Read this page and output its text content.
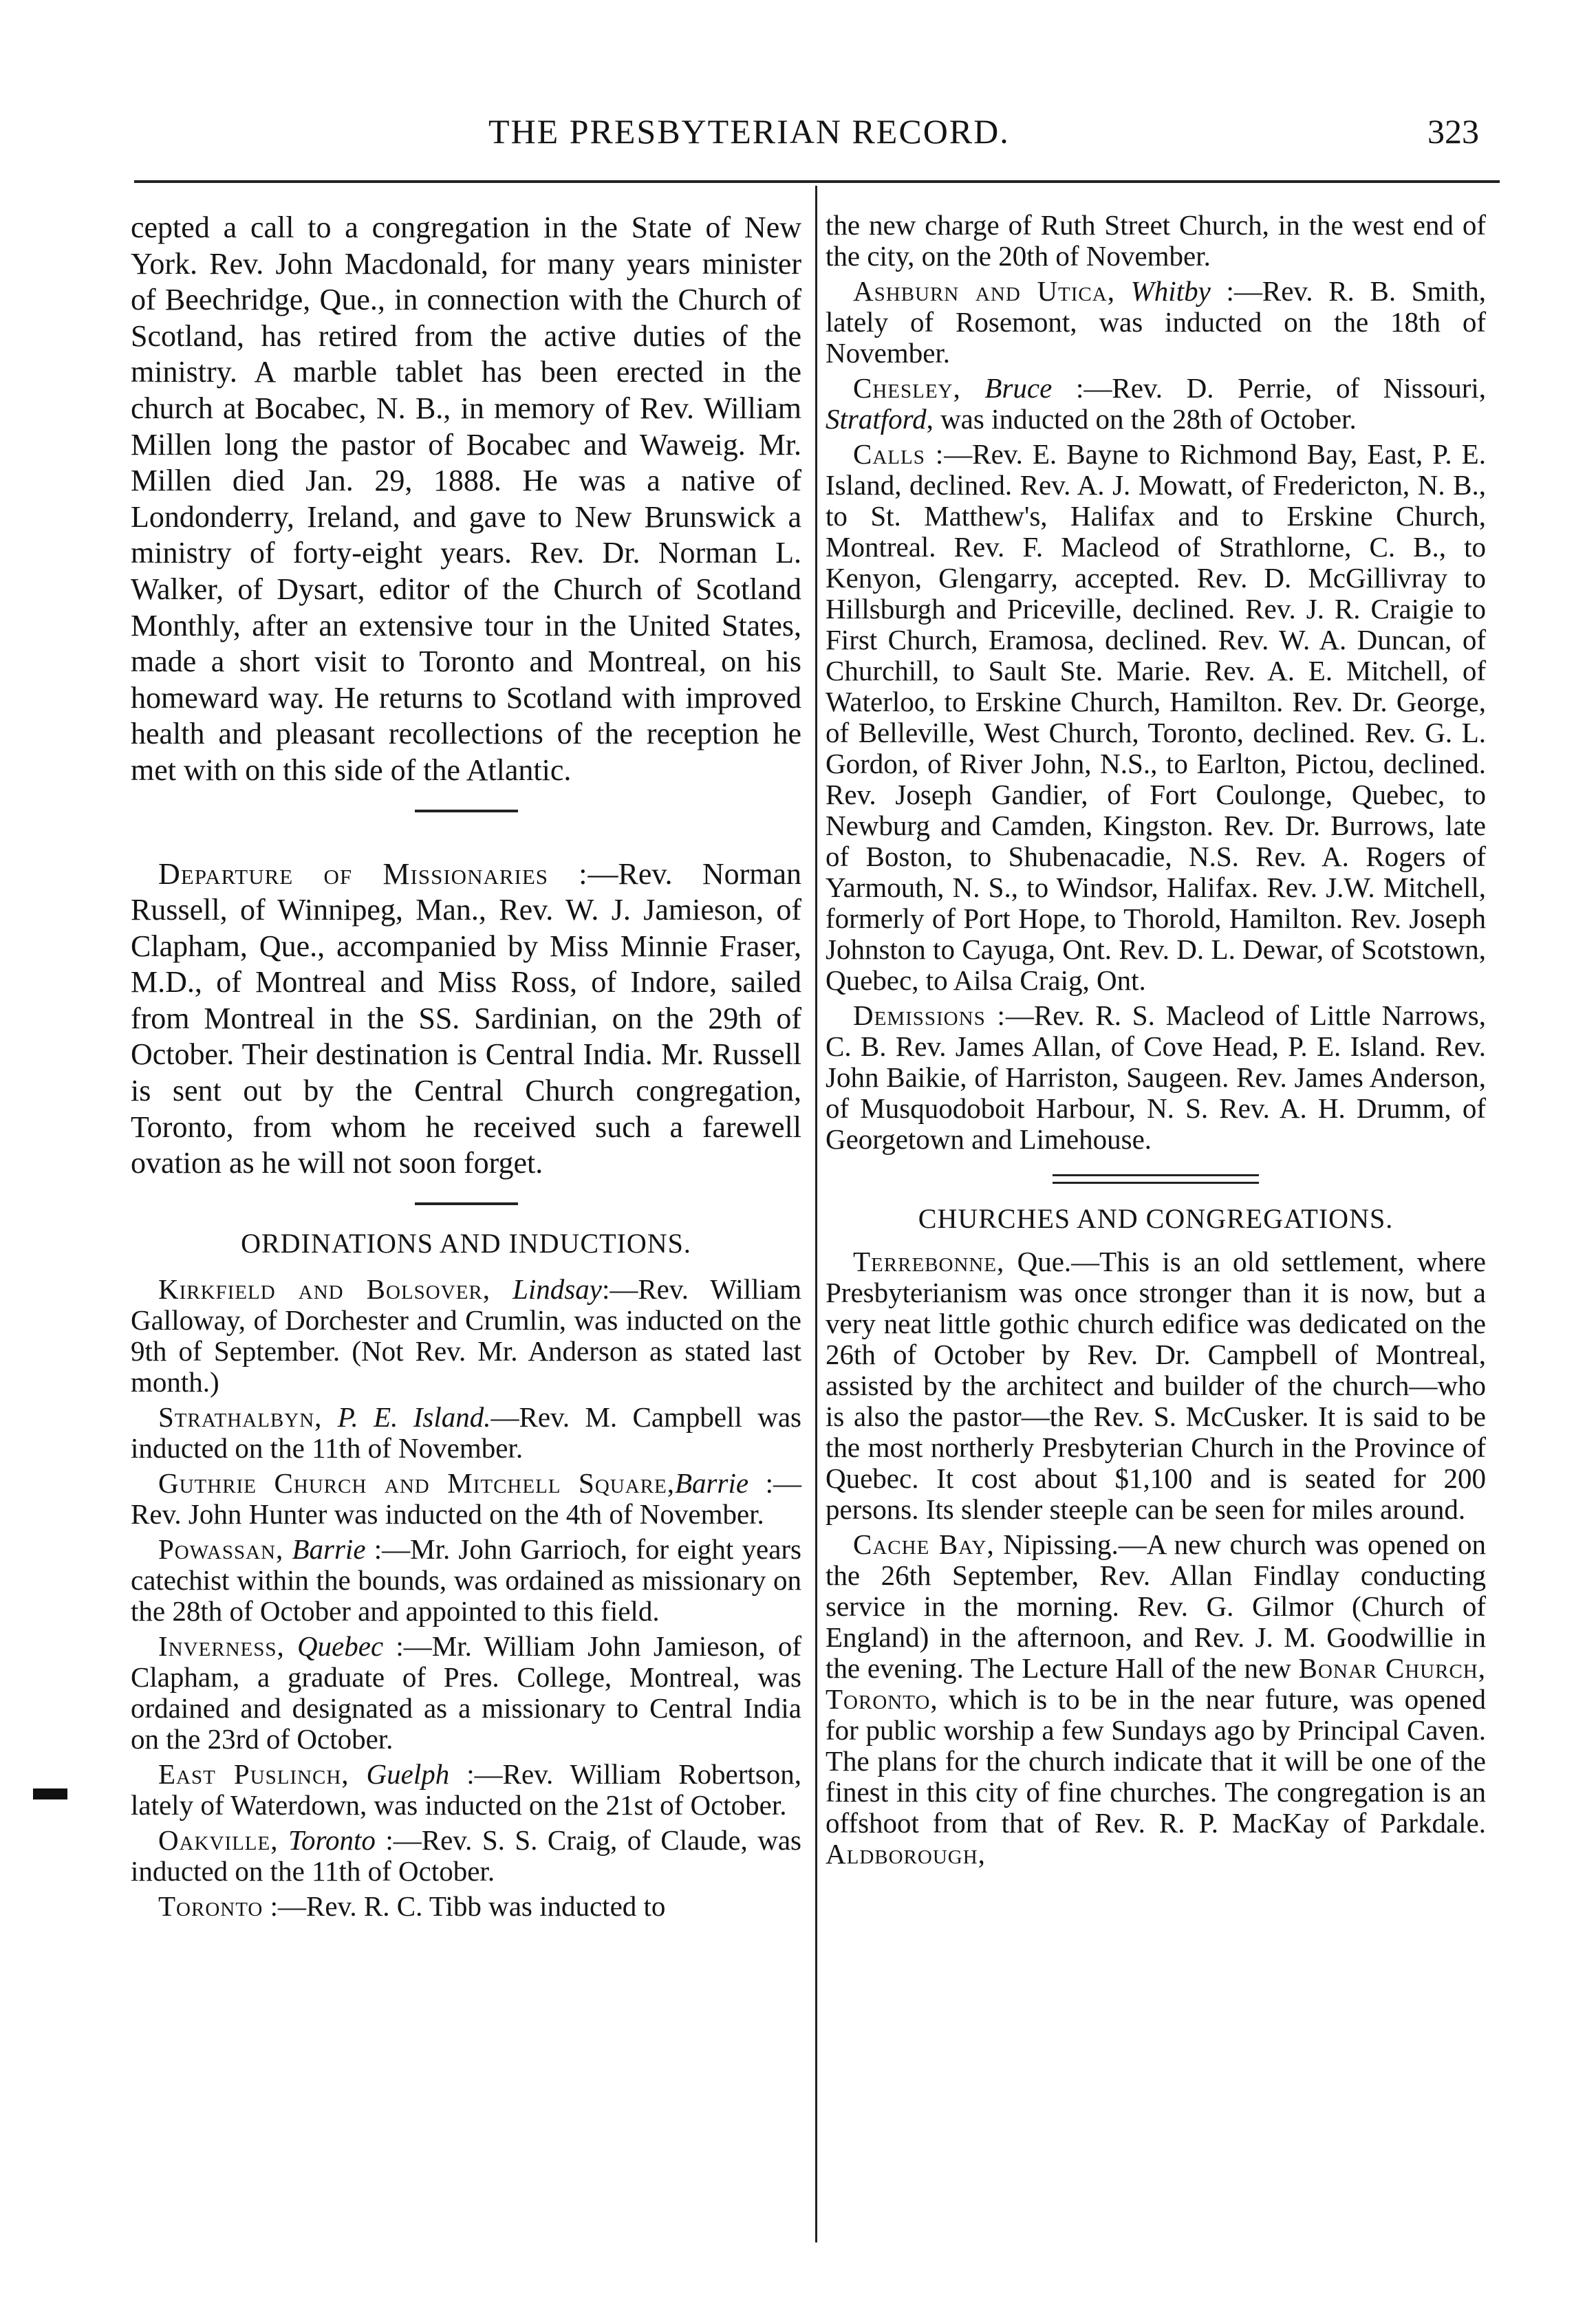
THE PRESBYTERIAN RECORD.	323

cepted a call to a congregation in the State of New York. Rev. John Macdonald, for many years minister of Beechridge, Que., in connection with the Church of Scotland, has retired from the active duties of the ministry. A marble tablet has been erected in the church at Bocabec, N. B., in memory of Rev. William Millen long the pastor of Bocabec and Waweig. Mr. Millen died Jan. 29, 1888. He was a native of Londonderry, Ireland, and gave to New Brunswick a ministry of forty-eight years. Rev. Dr. Norman L. Walker, of Dysart, editor of the Church of Scotland Monthly, after an extensive tour in the United States, made a short visit to Toronto and Montreal, on his homeward way. He returns to Scotland with improved health and pleasant recollections of the reception he met with on this side of the Atlantic.

Departure of Missionaries :—Rev. Norman Russell, of Winnipeg, Man., Rev. W. J. Jamieson, of Clapham, Que., accompanied by Miss Minnie Fraser, M.D., of Montreal and Miss Ross, of Indore, sailed from Montreal in the SS. Sardinian, on the 29th of October. Their destination is Central India. Mr. Russell is sent out by the Central Church congregation, Toronto, from whom he received such a farewell ovation as he will not soon forget.

ORDINATIONS AND INDUCTIONS.

Kirkfield and Bolsover, Lindsay:—Rev. William Galloway, of Dorchester and Crumlin, was inducted on the 9th of September. (Not Rev. Mr. Anderson as stated last month.)

Strathalbyn, P. E. Island.—Rev. M. Campbell was inducted on the 11th of November.

Guthrie Church and Mitchell Square,Barrie :—Rev. John Hunter was inducted on the 4th of November.

Powassan, Barrie :—Mr. John Garrioch, for eight years catechist within the bounds, was ordained as missionary on the 28th of October and appointed to this field.

Inverness, Quebec :—Mr. William John Jamieson, of Clapham, a graduate of Pres. College, Montreal, was ordained and designated as a missionary to Central India on the 23rd of October.

East Puslinch, Guelph :—Rev. William Robertson, lately of Waterdown, was inducted on the 21st of October.

Oakville, Toronto :—Rev. S. S. Craig, of Claude, was inducted on the 11th of October.

Toronto :—Rev. R. C. Tibb was inducted to

the new charge of Ruth Street Church, in the west end of the city, on the 20th of November.

Ashburn and Utica, Whitby :—Rev. R. B. Smith, lately of Rosemont, was inducted on the 18th of November.

Chesley, Bruce :—Rev. D. Perrie, of Nissouri, Stratford, was inducted on the 28th of October.

Calls :—Rev. E. Bayne to Richmond Bay, East, P. E. Island, declined. Rev. A. J. Mowatt, of Fredericton, N. B., to St. Matthew's, Halifax and to Erskine Church, Montreal. Rev. F. Macleod of Strathlorne, C. B., to Kenyon, Glengarry, accepted. Rev. D. McGillivray to Hillsburgh and Priceville, declined. Rev. J. R. Craigie to First Church, Eramosa, declined. Rev. W. A. Duncan, of Churchill, to Sault Ste. Marie. Rev. A. E. Mitchell, of Waterloo, to Erskine Church, Hamilton. Rev. Dr. George, of Belleville, West Church, Toronto, declined. Rev. G. L. Gordon, of River John, N.S., to Earlton, Pictou, declined. Rev. Joseph Gandier, of Fort Coulonge, Quebec, to Newburg and Camden, Kingston. Rev. Dr. Burrows, late of Boston, to Shubenacadie, N.S. Rev. A. Rogers of Yarmouth, N. S., to Windsor, Halifax. Rev. J.W. Mitchell, formerly of Port Hope, to Thorold, Hamilton. Rev. Joseph Johnston to Cayuga, Ont. Rev. D. L. Dewar, of Scotstown, Quebec, to Ailsa Craig, Ont.

Demissions :—Rev. R. S. Macleod of Little Narrows, C. B. Rev. James Allan, of Cove Head, P. E. Island. Rev. John Baikie, of Harriston, Saugeen. Rev. James Anderson, of Musquodoboit Harbour, N. S. Rev. A. H. Drumm, of Georgetown and Limehouse.

CHURCHES AND CONGREGATIONS.

Terrebonne, Que.—This is an old settlement, where Presbyterianism was once stronger than it is now, but a very neat little gothic church edifice was dedicated on the 26th of October by Rev. Dr. Campbell of Montreal, assisted by the architect and builder of the church—who is also the pastor—the Rev. S. McCusker. It is said to be the most northerly Presbyterian Church in the Province of Quebec. It cost about $1,100 and is seated for 200 persons. Its slender steeple can be seen for miles around.

Cache Bay, Nipissing.—A new church was opened on the 26th September, Rev. Allan Findlay conducting service in the morning. Rev. G. Gilmor (Church of England) in the afternoon, and Rev. J. M. Goodwillie in the evening. The Lecture Hall of the new Bonar Church, Toronto, which is to be in the near future, was opened for public worship a few Sundays ago by Principal Caven. The plans for the church indicate that it will be one of the finest in this city of fine churches. The congregation is an offshoot from that of Rev. R. P. MacKay of Parkdale. Aldborough,
